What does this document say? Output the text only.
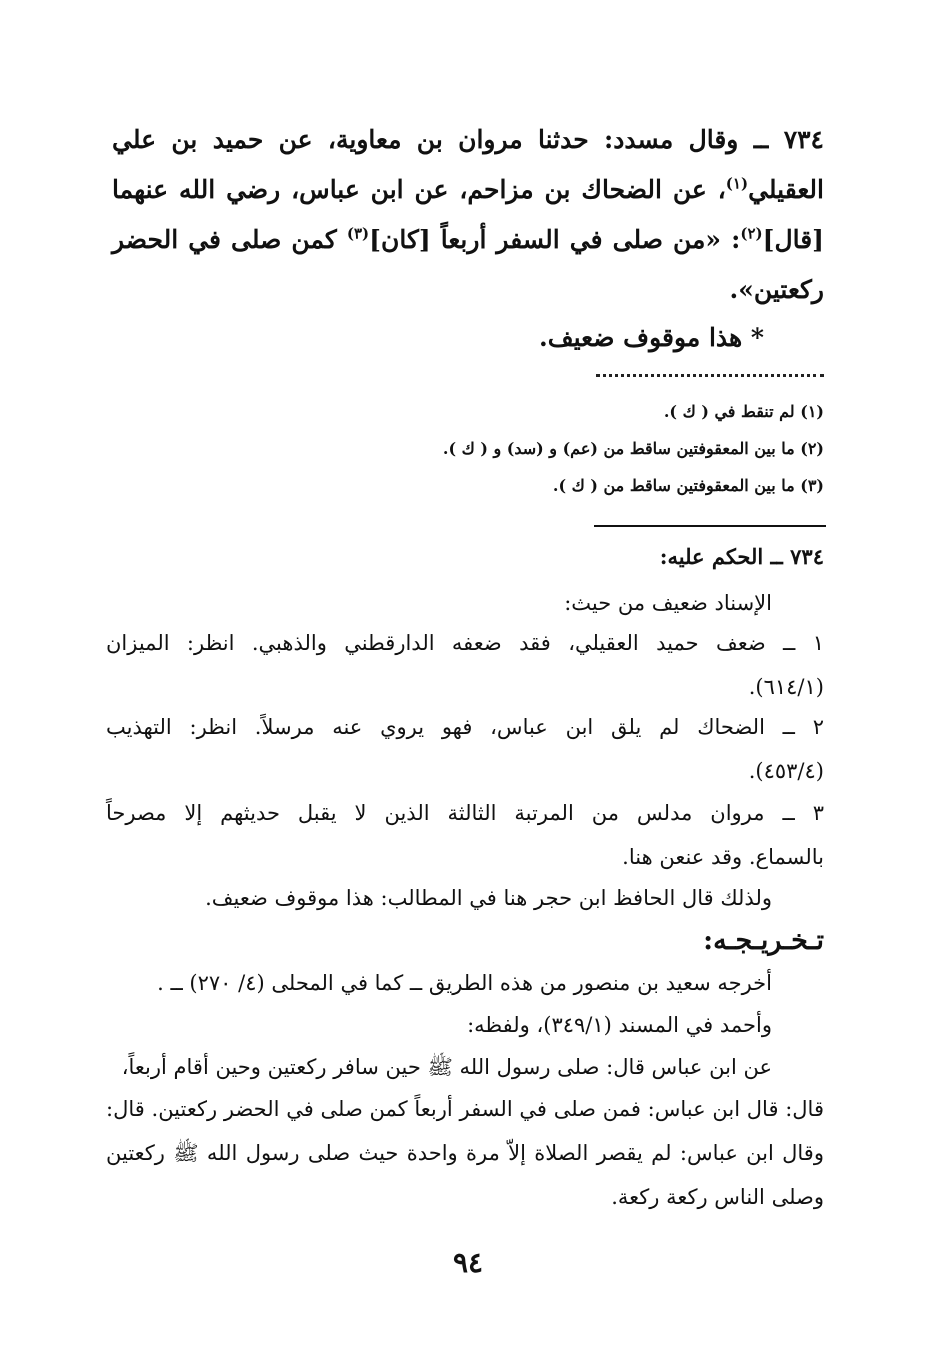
٧٣٤ ــ وقال مسدد: حدثنا مروان بن معاوية، عن حميد بن علي
العقيلي$^{(١)}$، عن الضحاك بن مزاحم، عن ابن عباس، رضي الله عنهما
[قال]$^{(٢)}$: «من صلى في السفر أربعاً [كان]$^{(٣)}$ كمن صلى في الحضر
ركعتين».
* هذا موقوف ضعيف.
(١) لم تنقط في ( ك ).
(٢) ما بين المعقوفتين ساقط من (عم) و (سد) و ( ك ).
(٣) ما بين المعقوفتين ساقط من ( ك ).
٧٣٤ ــ الحكم عليه:
الإسناد ضعيف من حيث:
١ ــ ضعف حميد العقيلي، فقد ضعفه الدارقطني والذهبي. انظر: الميزان
(٦١٤/١).
٢ ــ الضحاك لم يلق ابن عباس، فهو يروي عنه مرسلاً. انظر: التهذيب
(٤٥٣/٤).
٣ ــ مروان مدلس من المرتبة الثالثة الذين لا يقبل حديثهم إلا مصرحاً
بالسماع. وقد عنعن هنا.
ولذلك قال الحافظ ابن حجر هنا في المطالب: هذا موقوف ضعيف.
تـخـريـجـه:
أخرجه سعيد بن منصور من هذه الطريق ــ كما في المحلى (٤/ ٢٧٠) ــ .
وأحمد في المسند (٣٤٩/١)، ولفظه:
عن ابن عباس قال: صلى رسول الله ﷺ حين سافر ركعتين وحين أقام أربعاً،
قال: قال ابن عباس: فمن صلى في السفر أربعاً كمن صلى في الحضر ركعتين. قال:
وقال ابن عباس: لم يقصر الصلاة إلاّ مرة واحدة حيث صلى رسول الله ﷺ ركعتين
وصلى الناس ركعة ركعة.
٩٤
